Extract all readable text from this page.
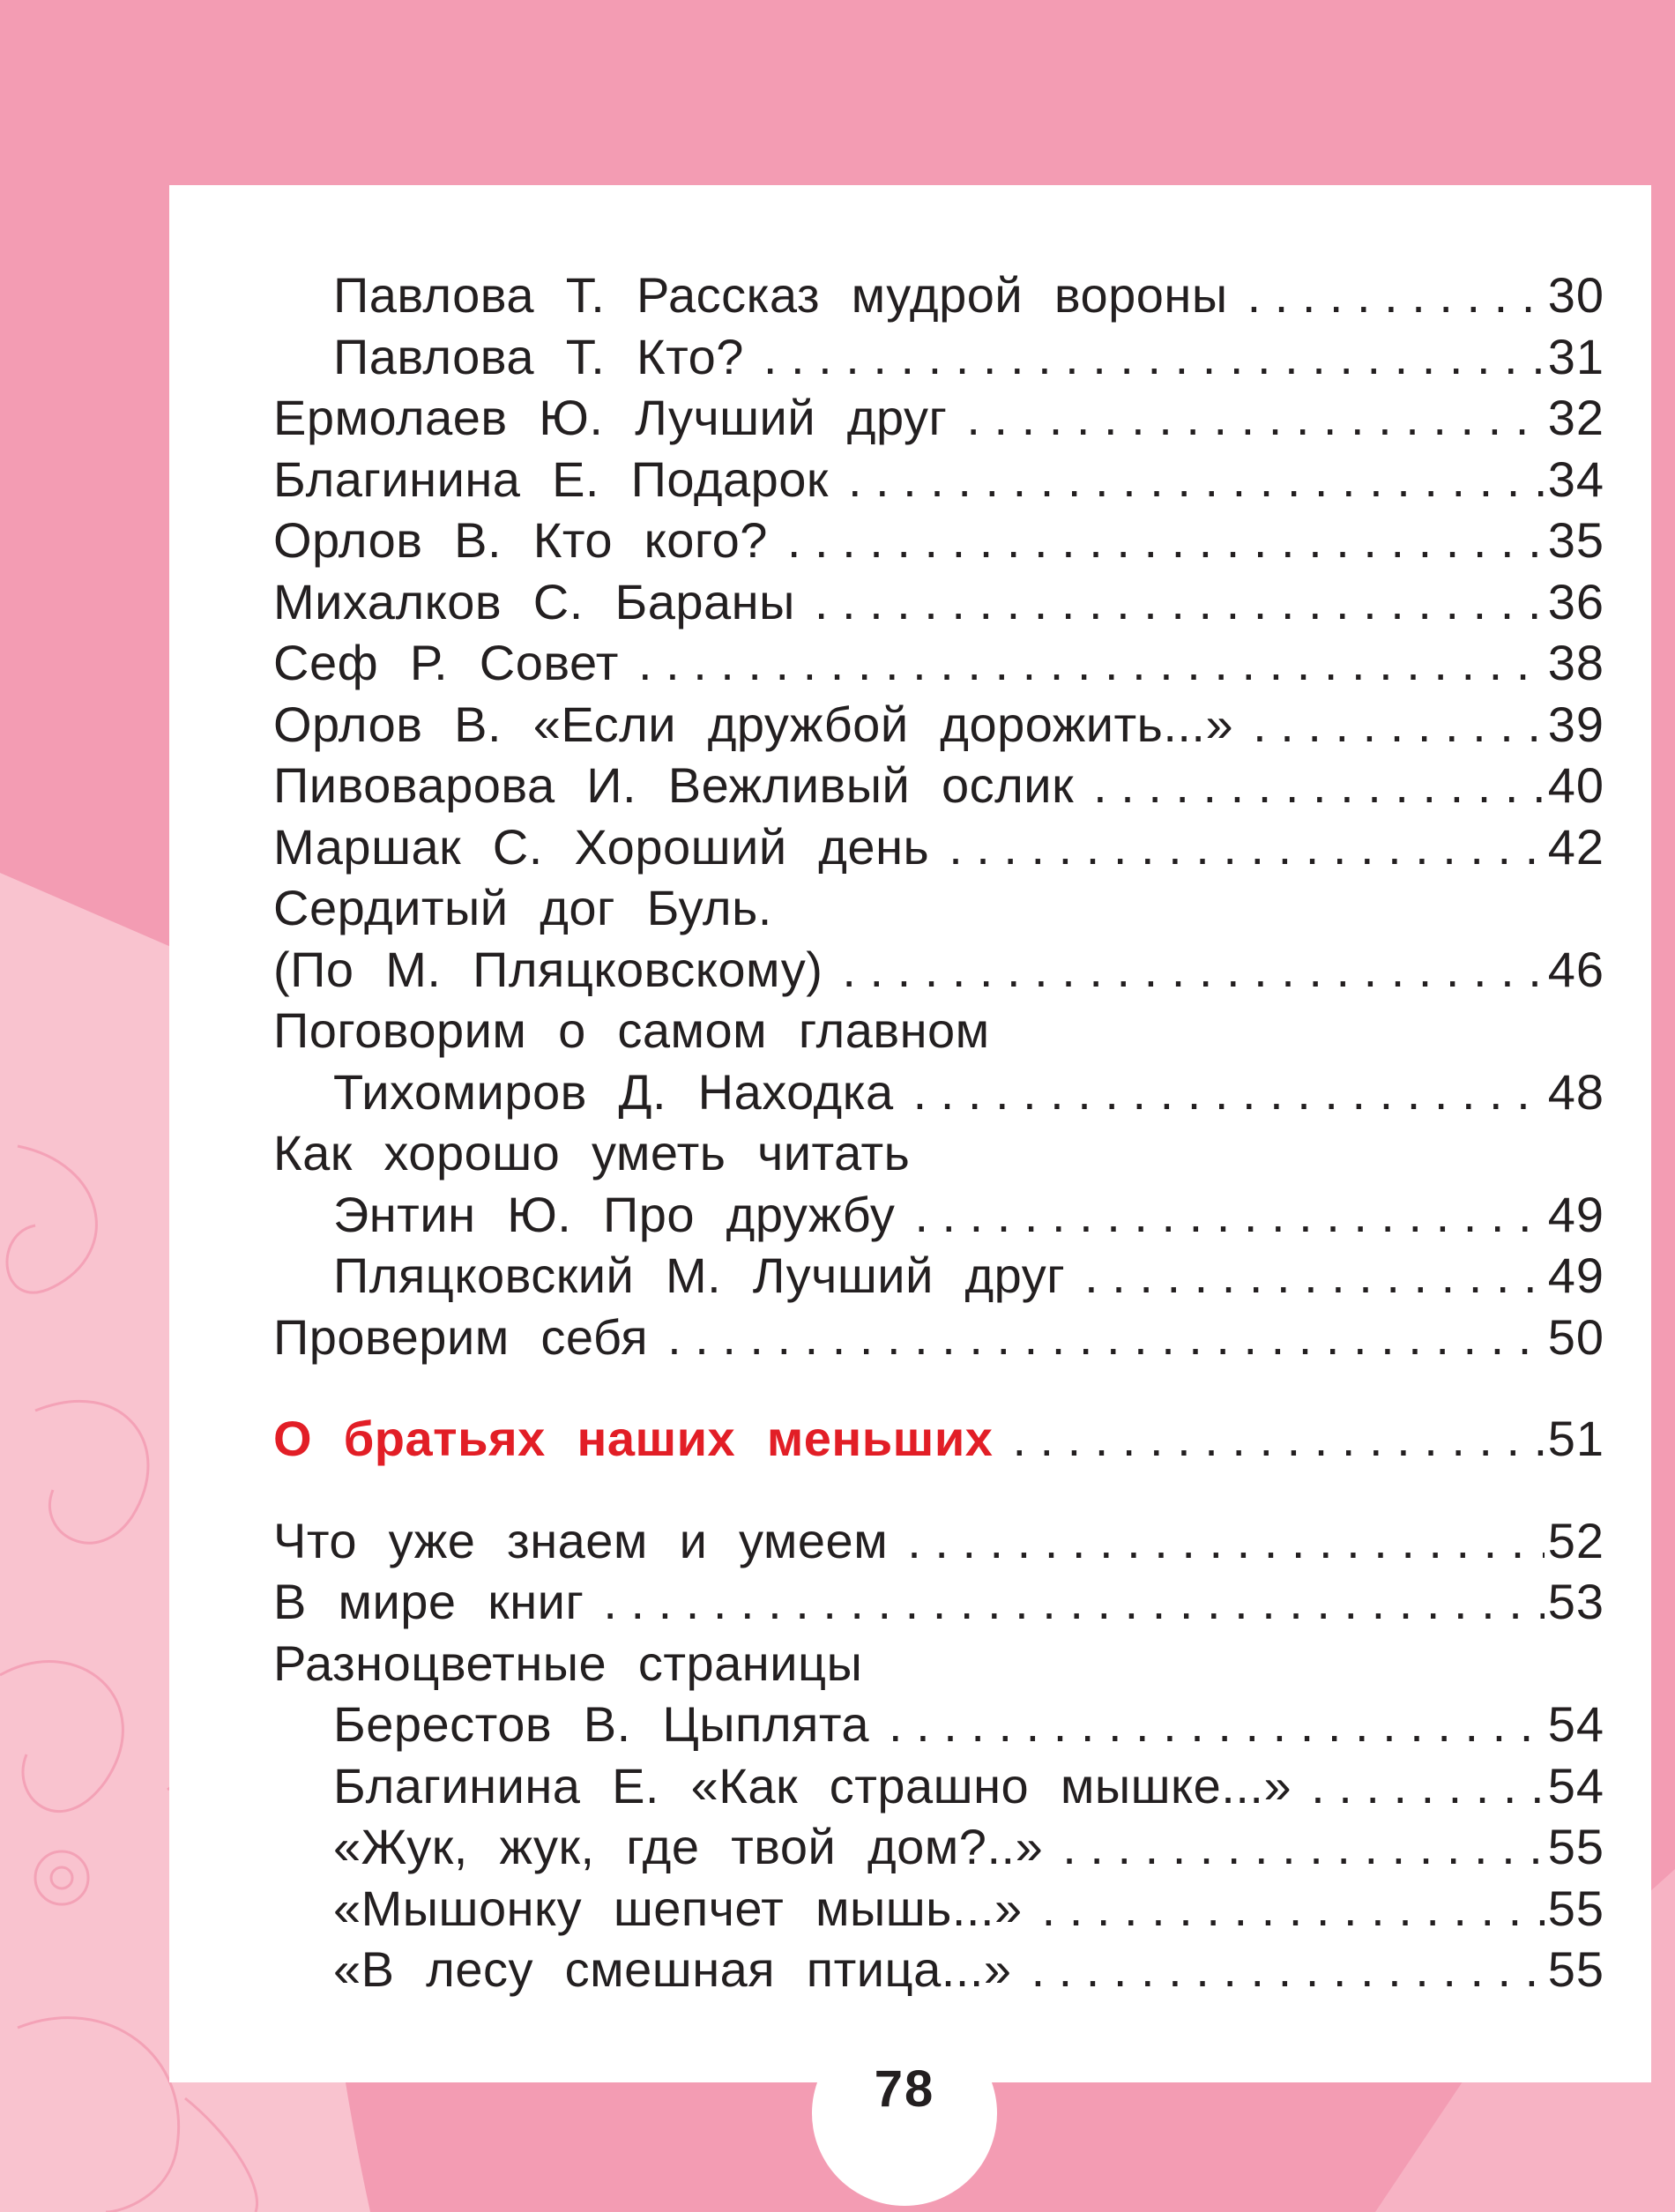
Павлова Т. Рассказ мудрой вороны . . .	30
Павлова Т. Кто? . . .	31
Ермолаев Ю. Лучший друг . . .	32
Благинина Е. Подарок . . .	34
Орлов В. Кто кого? . . .	35
Михалков С. Бараны . . .	36
Сеф Р. Совет . . .	38
Орлов В. «Если дружбой дорожить...» . . .	39
Пивоварова И. Вежливый ослик . . .	40
Маршак С. Хороший день . . .	42
Сердитый дог Буль.
(По М. Пляцковскому) . . .	46
Поговорим о самом главном
Тихомиров Д. Находка . . .	48
Как хорошо уметь читать
Энтин Ю. Про дружбу . . .	49
Пляцковский М. Лучший друг . . .	49
Проверим себя . . .	50
О братьях наших меньших . . .	51
Что уже знаем и умеем . . .	52
В мире книг . . .	53
Разноцветные страницы
Берестов В. Цыплята . . .	54
Благинина Е. «Как страшно мышке...» . . .	54
«Жук, жук, где твой дом?..» . . .	55
«Мышонку шепчет мышь...» . . .	55
«В лесу смешная птица...» . . .	55
78
